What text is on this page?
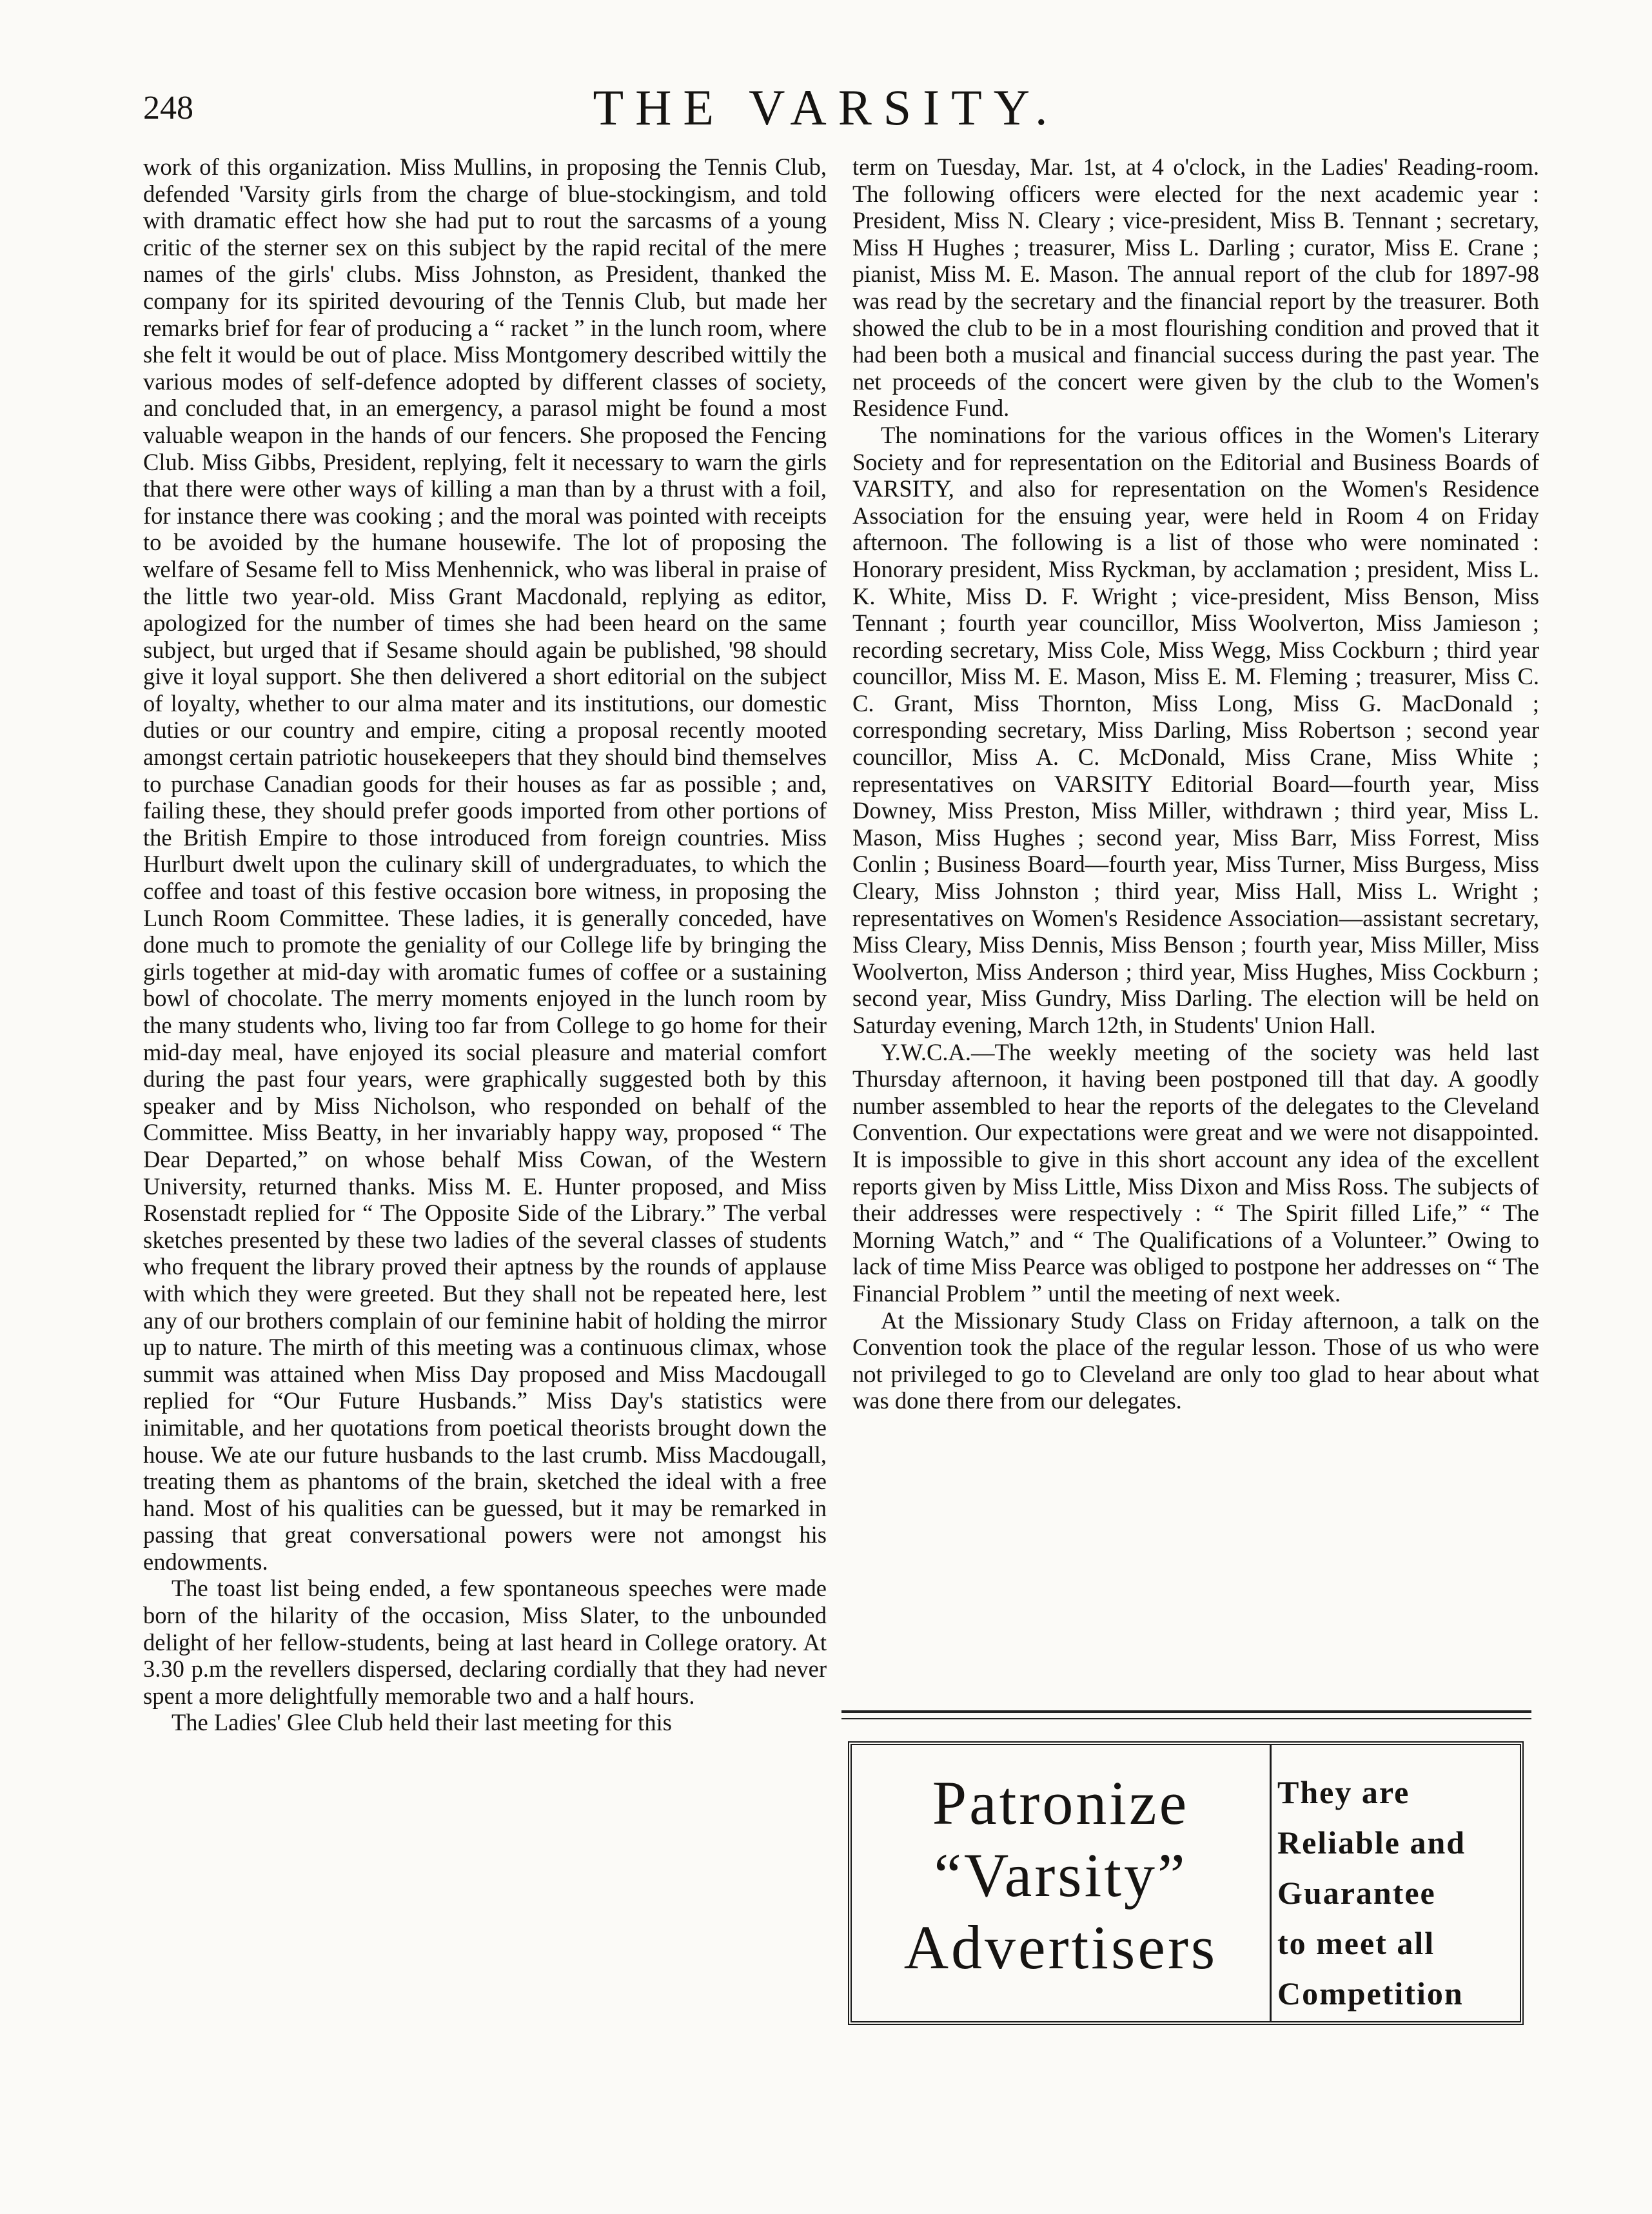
248	THE VARSITY.

work of this organization. Miss Mullins, in proposing the Tennis Club, defended 'Varsity girls from the charge of blue-stockingism, and told with dramatic effect how she had put to rout the sarcasms of a young critic of the sterner sex on this subject by the rapid recital of the mere names of the girls' clubs. Miss Johnston, as President, thanked the company for its spirited devouring of the Tennis Club, but made her remarks brief for fear of producing a “ racket ” in the lunch room, where she felt it would be out of place. Miss Montgomery described wittily the various modes of self-defence adopted by different classes of society, and concluded that, in an emergency, a parasol might be found a most valuable weapon in the hands of our fencers. She proposed the Fencing Club. Miss Gibbs, President, replying, felt it necessary to warn the girls that there were other ways of killing a man than by a thrust with a foil, for instance there was cooking ; and the moral was pointed with receipts to be avoided by the humane housewife. The lot of proposing the welfare of Sesame fell to Miss Menhennick, who was liberal in praise of the little two year-old. Miss Grant Macdonald, replying as editor, apologized for the number of times she had been heard on the same subject, but urged that if Sesame should again be published, '98 should give it loyal support. She then delivered a short editorial on the subject of loyalty, whether to our alma mater and its institutions, our domestic duties or our country and empire, citing a proposal recently mooted amongst certain patriotic housekeepers that they should bind themselves to purchase Canadian goods for their houses as far as possible ; and, failing these, they should prefer goods imported from other portions of the British Empire to those introduced from foreign countries. Miss Hurlburt dwelt upon the culinary skill of undergraduates, to which the coffee and toast of this festive occasion bore witness, in proposing the Lunch Room Committee. These ladies, it is generally conceded, have done much to promote the geniality of our College life by bringing the girls together at mid-day with aromatic fumes of coffee or a sustaining bowl of chocolate. The merry moments enjoyed in the lunch room by the many students who, living too far from College to go home for their mid-day meal, have enjoyed its social pleasure and material comfort during the past four years, were graphically suggested both by this speaker and by Miss Nicholson, who responded on behalf of the Committee. Miss Beatty, in her invariably happy way, proposed “ The Dear Departed,” on whose behalf Miss Cowan, of the Western University, returned thanks. Miss M. E. Hunter proposed, and Miss Rosenstadt replied for “ The Opposite Side of the Library.” The verbal sketches presented by these two ladies of the several classes of students who frequent the library proved their aptness by the rounds of applause with which they were greeted. But they shall not be repeated here, lest any of our brothers complain of our feminine habit of holding the mirror up to nature. The mirth of this meeting was a continuous climax, whose summit was attained when Miss Day proposed and Miss Macdougall replied for “Our Future Husbands.” Miss Day's statistics were inimitable, and her quotations from poetical theorists brought down the house. We ate our future husbands to the last crumb. Miss Macdougall, treating them as phantoms of the brain, sketched the ideal with a free hand. Most of his qualities can be guessed, but it may be remarked in passing that great conversational powers were not amongst his endowments.

The toast list being ended, a few spontaneous speeches were made born of the hilarity of the occasion, Miss Slater, to the unbounded delight of her fellow-students, being at last heard in College oratory. At 3.30 p.m the revellers dispersed, declaring cordially that they had never spent a more delightfully memorable two and a half hours.

The Ladies' Glee Club held their last meeting for this

term on Tuesday, Mar. 1st, at 4 o'clock, in the Ladies' Reading-room. The following officers were elected for the next academic year : President, Miss N. Cleary ; vice-president, Miss B. Tennant ; secretary, Miss H Hughes ; treasurer, Miss L. Darling ; curator, Miss E. Crane ; pianist, Miss M. E. Mason. The annual report of the club for 1897-98 was read by the secretary and the financial report by the treasurer. Both showed the club to be in a most flourishing condition and proved that it had been both a musical and financial success during the past year. The net proceeds of the concert were given by the club to the Women's Residence Fund.

The nominations for the various offices in the Women's Literary Society and for representation on the Editorial and Business Boards of VARSITY, and also for representation on the Women's Residence Association for the ensuing year, were held in Room 4 on Friday afternoon. The following is a list of those who were nominated : Honorary president, Miss Ryckman, by acclamation ; president, Miss L. K. White, Miss D. F. Wright ; vice-president, Miss Benson, Miss Tennant ; fourth year councillor, Miss Woolverton, Miss Jamieson ; recording secretary, Miss Cole, Miss Wegg, Miss Cockburn ; third year councillor, Miss M. E. Mason, Miss E. M. Fleming ; treasurer, Miss C. C. Grant, Miss Thornton, Miss Long, Miss G. MacDonald ; corresponding secretary, Miss Darling, Miss Robertson ; second year councillor, Miss A. C. McDonald, Miss Crane, Miss White ; representatives on VARSITY Editorial Board—fourth year, Miss Downey, Miss Preston, Miss Miller, withdrawn ; third year, Miss L. Mason, Miss Hughes ; second year, Miss Barr, Miss Forrest, Miss Conlin ; Business Board—fourth year, Miss Turner, Miss Burgess, Miss Cleary, Miss Johnston ; third year, Miss Hall, Miss L. Wright ; representatives on Women's Residence Association—assistant secretary, Miss Cleary, Miss Dennis, Miss Benson ; fourth year, Miss Miller, Miss Woolverton, Miss Anderson ; third year, Miss Hughes, Miss Cockburn ; second year, Miss Gundry, Miss Darling. The election will be held on Saturday evening, March 12th, in Students' Union Hall.

Y.W.C.A.—The weekly meeting of the society was held last Thursday afternoon, it having been postponed till that day. A goodly number assembled to hear the reports of the delegates to the Cleveland Convention. Our expectations were great and we were not disappointed. It is impossible to give in this short account any idea of the excellent reports given by Miss Little, Miss Dixon and Miss Ross. The subjects of their addresses were respectively : “ The Spirit filled Life,” “ The Morning Watch,” and “ The Qualifications of a Volunteer.” Owing to lack of time Miss Pearce was obliged to postpone her addresses on “ The Financial Problem ” until the meeting of next week.

At the Missionary Study Class on Friday afternoon, a talk on the Convention took the place of the regular lesson. Those of us who were not privileged to go to Cleveland are only too glad to hear about what was done there from our delegates.

Patronize
“Varsity”
Advertisers
They are
Reliable and
Guarantee
to meet all
Competition
